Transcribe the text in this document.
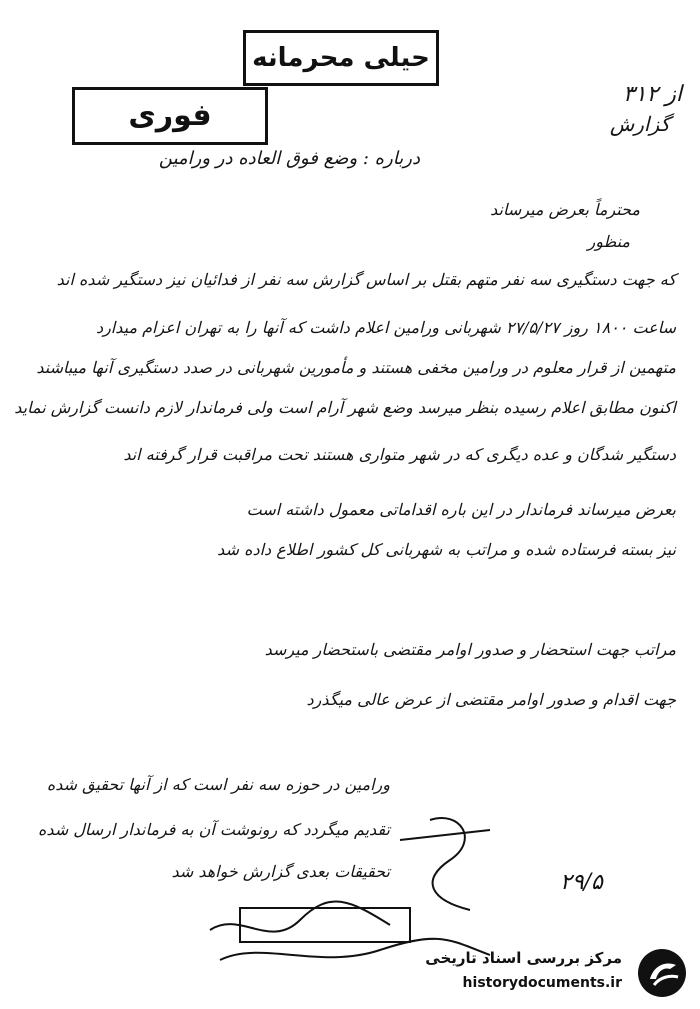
حیلی محرمانه
فوری
از ۳۱۲
گزارش
درباره : وضع فوق العاده در ورامین
محترماً بعرض میرساند
منظور
که جهت دستگیری سه نفر متهم بقتل بر اساس گزارش سه نفر از فدائیان نیز دستگیر شده اند
ساعت ۱۸۰۰ روز ۲۷/۵/۲۷ شهربانی ورامین اعلام داشت که آنها را به تهران اعزام میدارد
متهمین از قرار معلوم در ورامین مخفی هستند و مأمورین شهربانی در صدد دستگیری آنها میباشند
اکنون مطابق اعلام رسیده بنظر میرسد وضع شهر آرام است ولی فرماندار لازم دانست گزارش نماید
دستگیر شدگان و عده دیگری که در شهر متواری هستند تحت مراقبت قرار گرفته اند
بعرض میرساند فرماندار در این باره اقداماتی معمول داشته است
نیز بسته فرستاده شده و مراتب به شهربانی کل کشور اطلاع داده شد
مراتب جهت استحضار و صدور اوامر مقتضی باستحضار میرسد
جهت اقدام و صدور اوامر مقتضی از عرض عالی میگذرد
ورامین در حوزه سه نفر است که از آنها تحقیق شده
تقدیم میگردد که رونوشت آن به فرماندار ارسال شده
تحقیقات بعدی گزارش خواهد شد	۲۹/۵
مرکز بررسی اسناد تاریخی
historydocuments.ir
